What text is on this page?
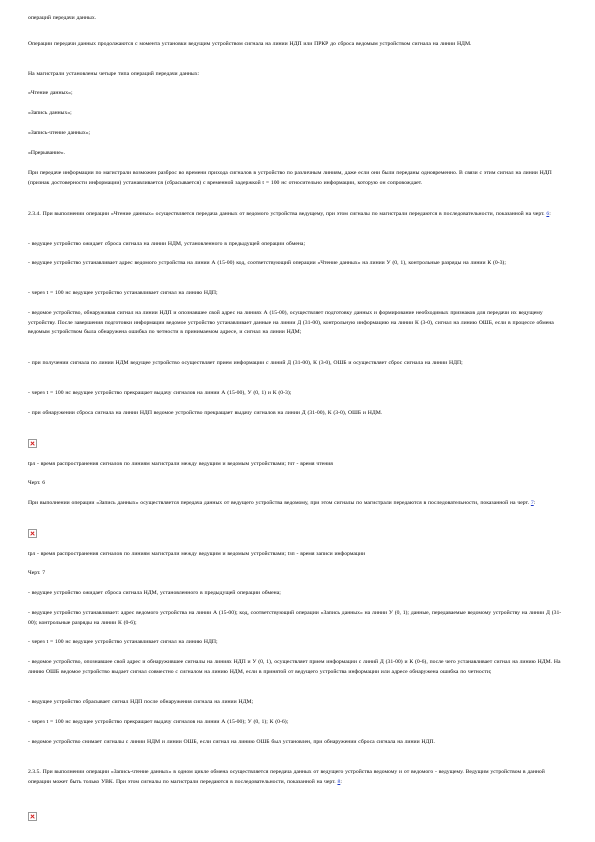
операций передачи данных.

Операции передачи данных продолжаются с момента установки ведущим устройством сигнала на линии НДП или ПРКР до сброса ведомым устройством сигнала на линии НДМ.

На магистрали установлены четыре типа операций передачи данных:

«Чтение данных»;

«Запись данных»;

«Запись-чтение данных»;

«Прерывание».

При передаче информации по магистрали возможен разброс во времени прихода сигналов в устройство по различным линиям, даже если они были переданы одновременно. В связи с этим сигнал на линии НДП (признак достоверности информации) устанавливается (сбрасывается) с временной задержкой t = 100 нс относительно информации, которую он сопровождает.

2.3.4. При выполнении операции «Чтение данных» осуществляется передача данных от ведомого устройства ведущему, при этом сигналы по магистрали передаются в последовательности, показанной на черт. 6:

- ведущее устройство ожидает сброса сигнала на линии НДМ, установленного в предыдущей операции обмена;

- ведущее устройство устанавливает адрес ведомого устройства на линии А (15-00) код, соответствующий операции «Чтение данных» на линии У (0, 1), контрольные разряды на линии К (0-3);

- через t = 100 нс ведущее устройство устанавливает сигнал на линию НДП;

- ведомое устройство, обнаруживая сигнал на линии НДП и опознавшее свой адрес на линиях А (15-00), осуществляет подготовку данных и формирование необходимых признаков для передачи их ведущему устройству. После завершения подготовки информации ведомое устройство устанавливает данные на линии Д (31-00), контрольную информацию на линии К (3-0), сигнал на линию ОШБ, если в процессе обмена ведомым устройством была обнаружена ошибка по четности в принимаемом адресе, и сигнал на линии НДМ;

- при получении сигнала по линии НДМ ведущее устройство осуществляет прием информации с линий Д (31-00), К (3-0), ОШБ и осуществляет сброс сигнала на линии НДП;

- через t = 100 нс ведущее устройство прекращает выдачу сигналов на линии А (15-00), У (0, 1) и К (0-3);

- при обнаружении сброса сигнала на линии НДП ведомое устройство прекращает выдачу сигналов на линии Д (31-00), К (3-0), ОШБ и НДМ.

tрл - время распространения сигналов по линиям магистрали между ведущим и ведомым устройствами; tчт - время чтения

Черт. 6

При выполнении операции «Запись данных» осуществляется передача данных от ведущего устройства ведомому, при этом сигналы по магистрали передаются в последовательности, показанной на черт. 7:

tрл - время распространения сигналов по линиям магистрали между ведущим и ведомым устройствами; tзп - время записи информации

Черт. 7

- ведущее устройство ожидает сброса сигнала НДМ, установленного в предыдущей операции обмена;

- ведущее устройство устанавливает: адрес ведомого устройства на линии А (15-00); код, соответствующий операции «Запись данных» на линии У (0, 1); данные, передаваемые ведомому устройству на линии Д (31-00); контрольные разряды на линии К (0-6);

- через t = 100 нс ведущее устройство устанавливает сигнал на линию НДП;

- ведомое устройство, опознавшее свой адрес и обнаружившее сигналы на линиях НДП и У (0, 1), осуществляет прием информации с линий Д (31-00) и К (0-6), после чего устанавливает сигнал на линию НДМ. На линию ОШБ ведомое устройство выдает сигнал совместно с сигналом на линию НДМ, если в принятой от ведущего устройства информации или адресе обнаружена ошибка по четности;

- ведущее устройство сбрасывает сигнал НДП после обнаружения сигнала на линии НДМ;

- через t = 100 нс ведущее устройство прекращает выдачу сигналов на линии А (15-00); У (0, 1); К (0-6);

- ведомое устройство снимает сигналы с линии НДМ и линии ОШБ, если сигнал на линию ОШБ был установлен, при обнаружении сброса сигнала на линии НДП.

2.3.5. При выполнении операции «Запись-чтение данных» в одном цикле обмена осуществляется передача данных от ведущего устройства ведомому и от ведомого - ведущему. Ведущим устройством в данной операции может быть только УВК. При этом сигналы по магистрали передаются в последовательности, показанной на черт. 8:
